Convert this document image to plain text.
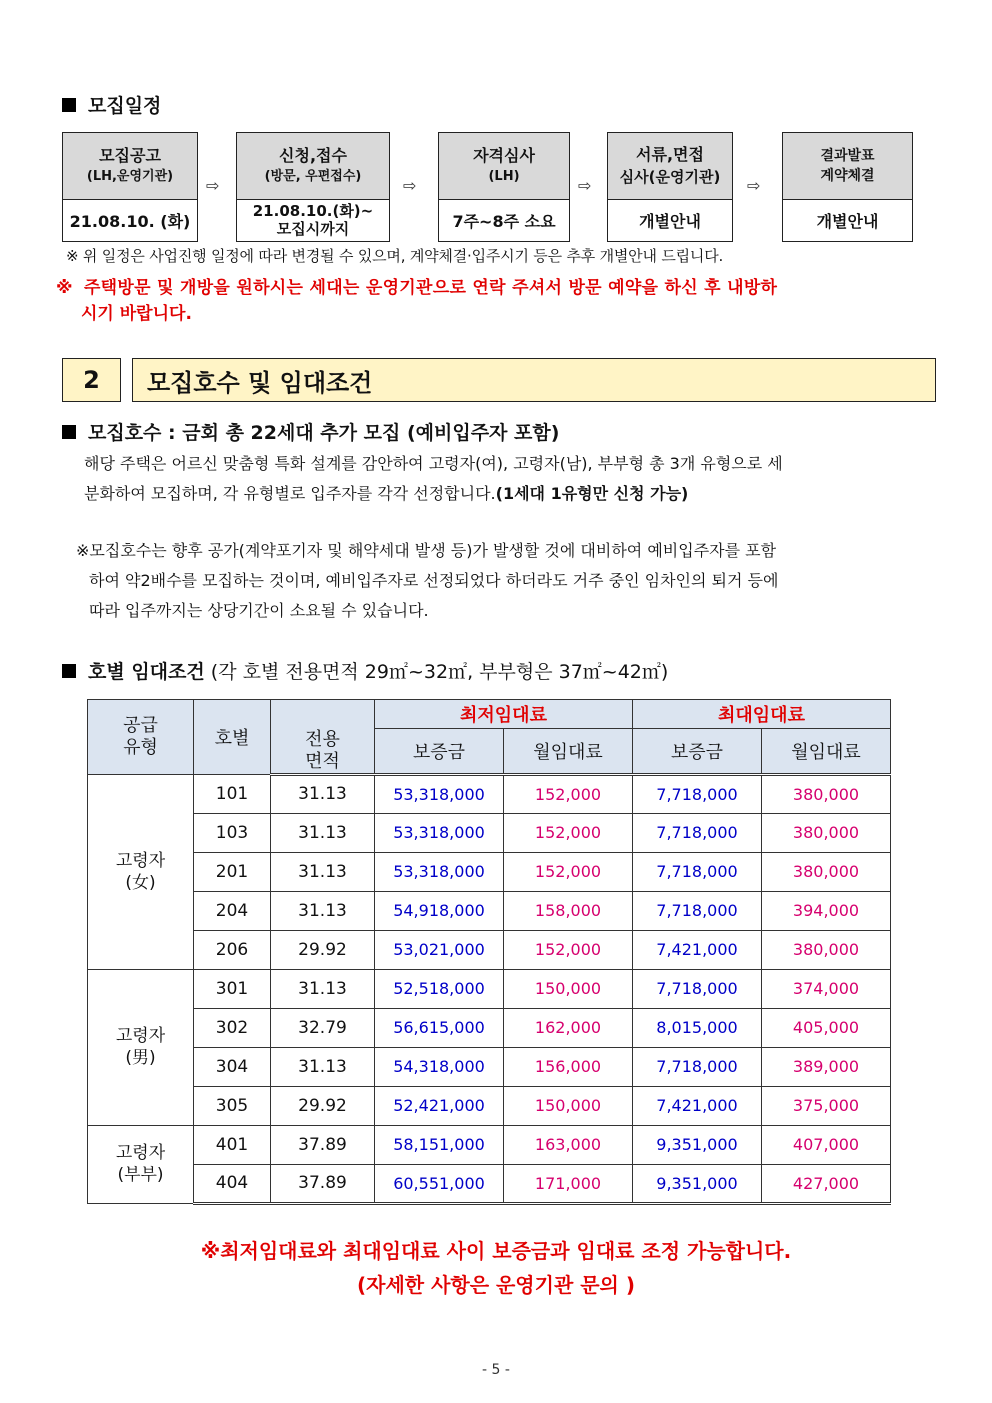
모집일정
모집공고
(LH,운영기관)
21.08.10. (화)
⇨
신청,접수
(방문, 우편접수)
21.08.10.(화)~
모집시까지
⇨
자격심사
(LH)
7주~8주 소요
⇨
서류,면접
심사(운영기관)
개별안내
⇨
결과발표
계약체결
개별안내
※ 위 일정은 사업진행 일정에 따라 변경될 수 있으며, 계약체결·입주시기 등은 추후 개별안내 드립니다.
※ 주택방문 및 개방을 원하시는 세대는 운영기관으로 연락 주셔서 방문 예약을 하신 후 내방하
시기 바랍니다.
2	모집호수 및 임대조건
모집호수 : 금회 총 22세대 추가 모집 (예비입주자 포함)
해당 주택은 어르신 맞춤형 특화 설계를 감안하여 고령자(여), 고령자(남), 부부형 총 3개 유형으로 세
분화하여 모집하며, 각 유형별로 입주자를 각각 선정합니다.(1세대 1유형만 신청 가능)
※모집호수는 향후 공가(계약포기자 및 해약세대 발생 등)가 발생할 것에 대비하여 예비입주자를 포함
하여 약2배수를 모집하는 것이며, 예비입주자로 선정되었다 하더라도 거주 중인 임차인의 퇴거 등에
따라 입주까지는 상당기간이 소요될 수 있습니다.
호별 임대조건 (각 호별 전용면적 29㎡~32㎡, 부부형은 37㎡~42㎡)
공급
유형	호별		최저임대료		최대임대료	

		전용
면적	보증금	월임대료	보증금	월임대료

고령자
(女)	101	31.13	53,318,000	152,000	7,718,000	380,000
	103	31.13	53,318,000	152,000	7,718,000	380,000
	201	31.13	53,318,000	152,000	7,718,000	380,000
	204	31.13	54,918,000	158,000	7,718,000	394,000
	206	29.92	53,021,000	152,000	7,421,000	380,000

고령자
(男)	301	31.13	52,518,000	150,000	7,718,000	374,000
	302	32.79	56,615,000	162,000	8,015,000	405,000
	304	31.13	54,318,000	156,000	7,718,000	389,000
	305	29.92	52,421,000	150,000	7,421,000	375,000

고령자
(부부)	401	37.89	58,151,000	163,000	9,351,000	407,000
	404	37.89	60,551,000	171,000	9,351,000	427,000
※최저임대료와 최대임대료 사이 보증금과 임대료 조정 가능합니다.
(자세한 사항은 운영기관 문의 )
- 5 -
